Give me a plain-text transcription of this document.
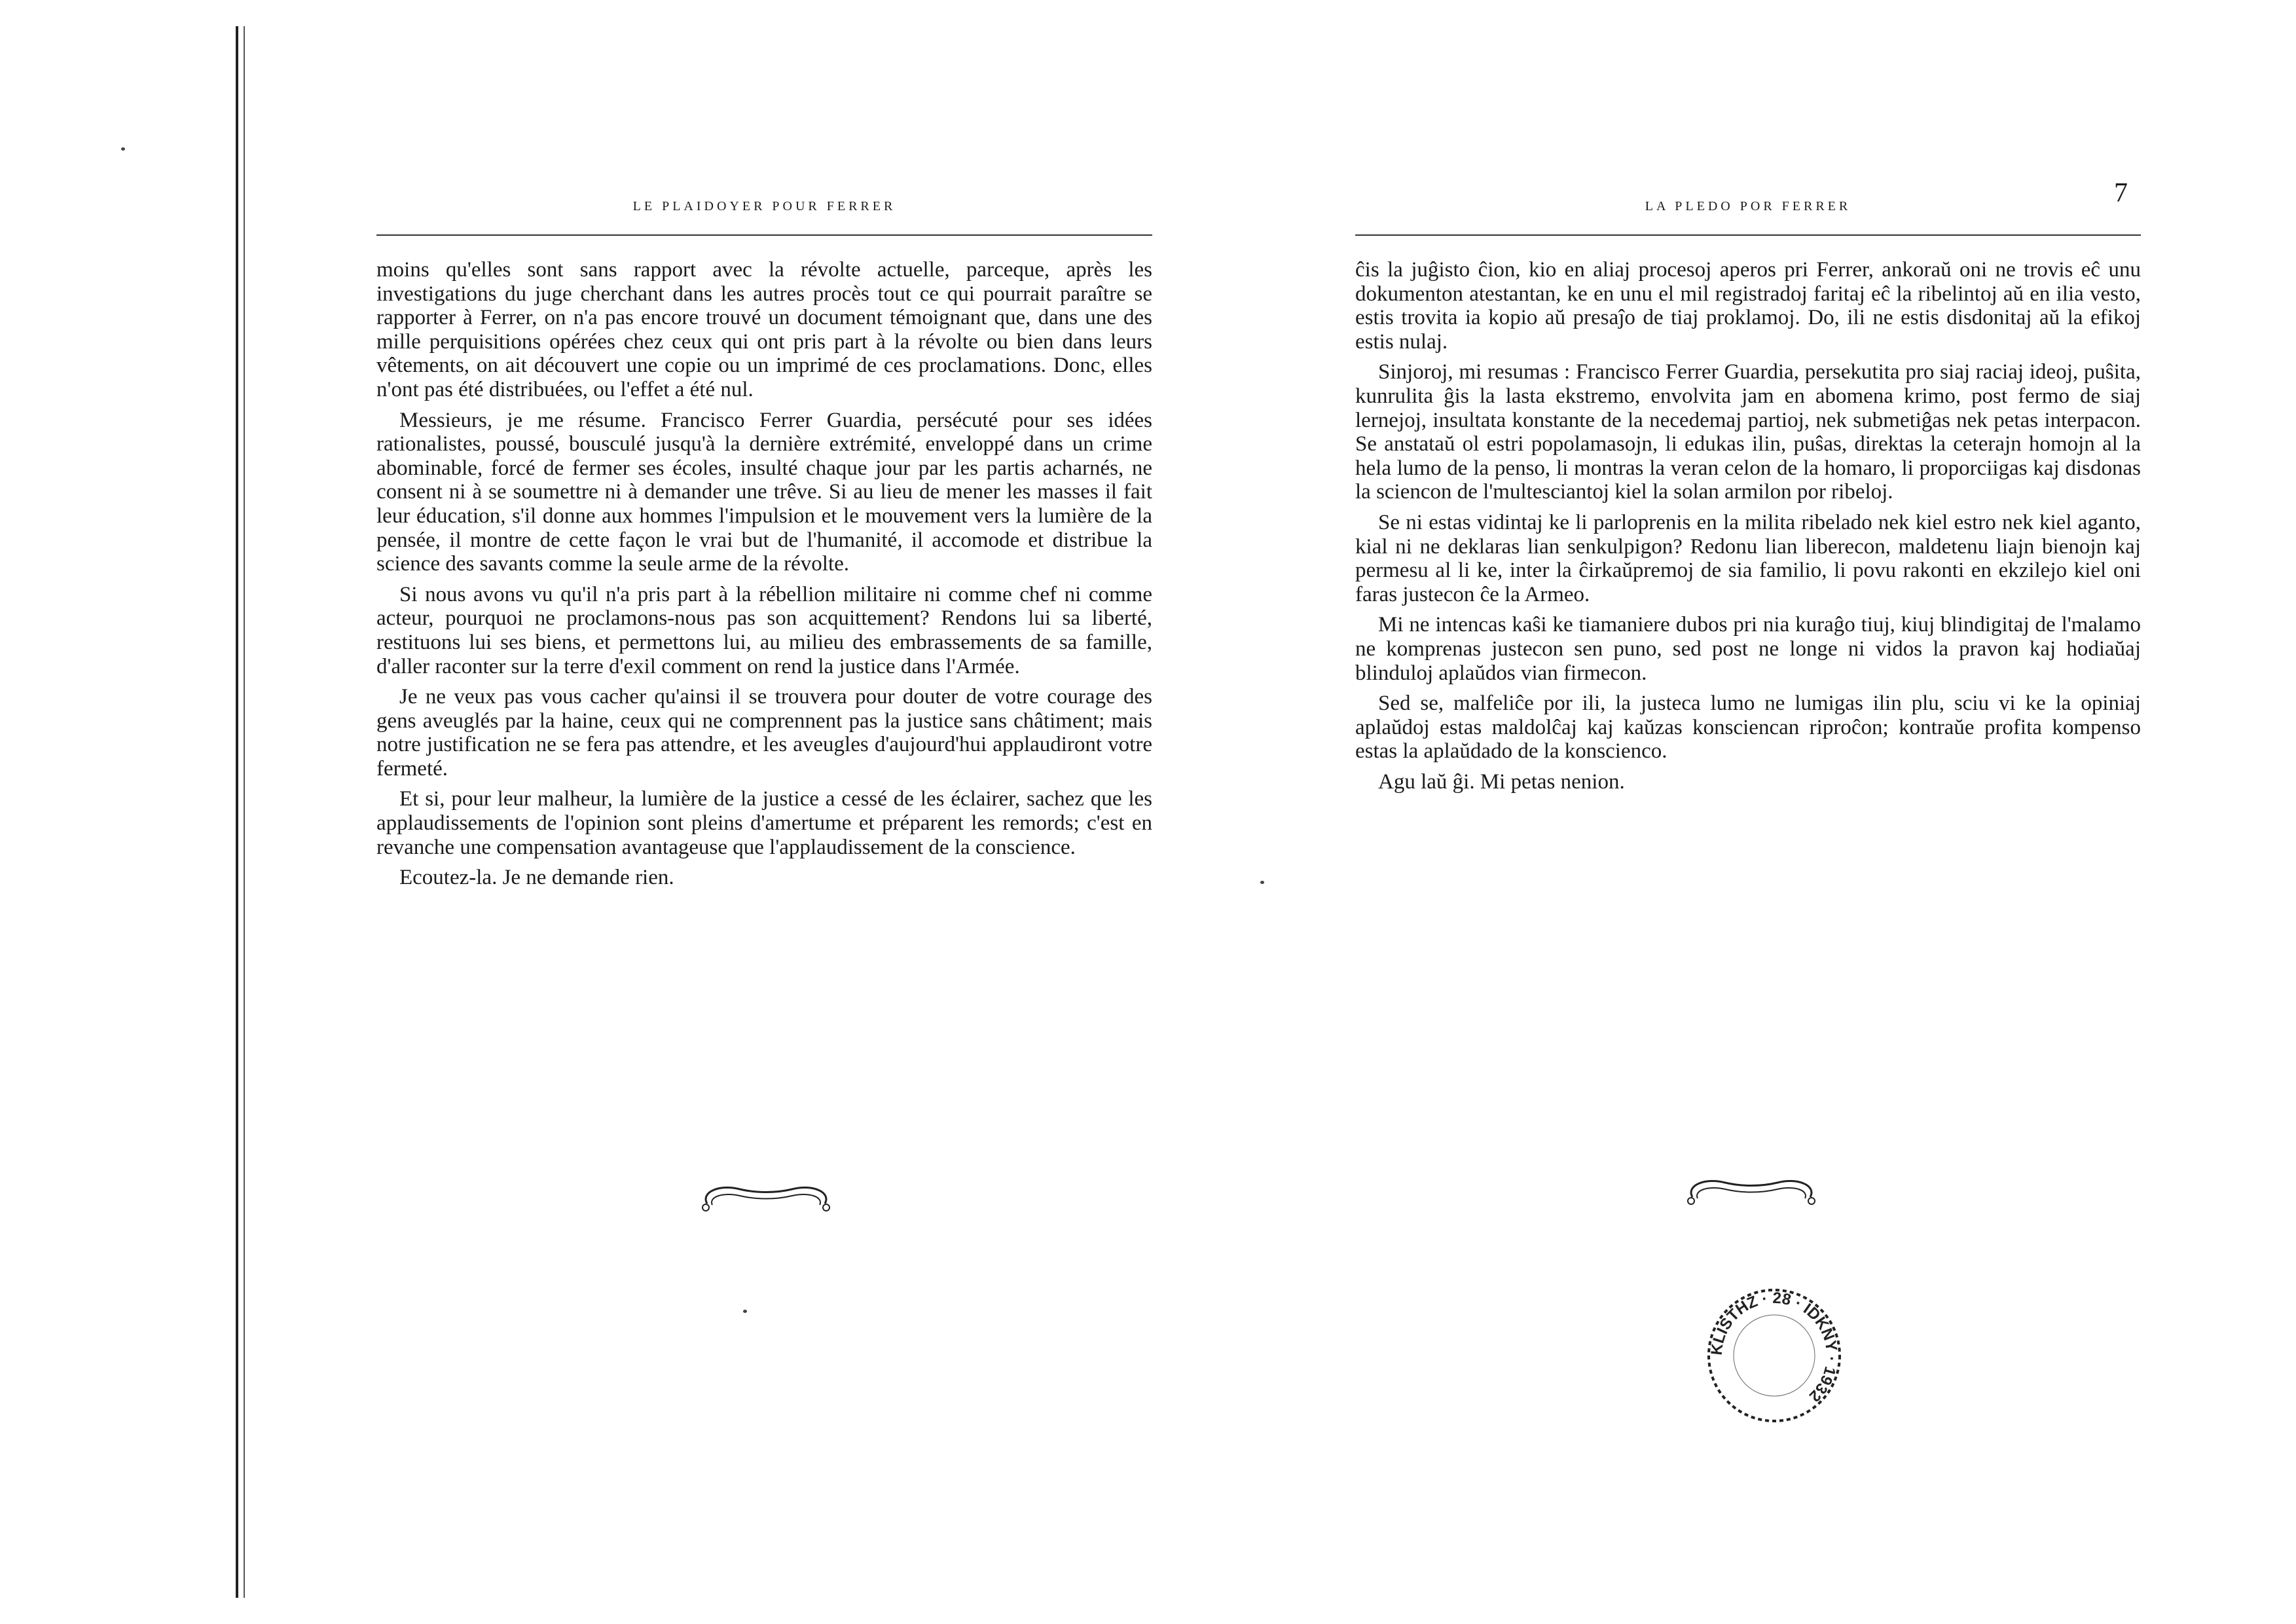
LE PLAIDOYER POUR FERRER

moins qu'elles sont sans rapport avec la révolte actuelle, parceque, après les investigations du juge cherchant dans les autres procès tout ce qui pourrait paraître se rapporter à Ferrer, on n'a pas encore trouvé un document témoignant que, dans une des mille perquisitions opérées chez ceux qui ont pris part à la révolte ou bien dans leurs vêtements, on ait découvert une copie ou un imprimé de ces proclamations. Donc, elles n'ont pas été distribuées, ou l'effet a été nul.

Messieurs, je me résume. Francisco Ferrer Guardia, persécuté pour ses idées rationalistes, poussé, bousculé jusqu'à la dernière extrémité, enveloppé dans un crime abominable, forcé de fermer ses écoles, insulté chaque jour par les partis acharnés, ne consent ni à se soumettre ni à demander une trêve. Si au lieu de mener les masses il fait leur éducation, s'il donne aux hommes l'impulsion et le mouvement vers la lumière de la pensée, il montre de cette façon le vrai but de l'humanité, il accomode et distribue la science des savants comme la seule arme de la révolte.

Si nous avons vu qu'il n'a pris part à la rébellion militaire ni comme chef ni comme acteur, pourquoi ne proclamons-nous pas son acquittement? Rendons lui sa liberté, restituons lui ses biens, et permettons lui, au milieu des embrassements de sa famille, d'aller raconter sur la terre d'exil comment on rend la justice dans l'Armée.

Je ne veux pas vous cacher qu'ainsi il se trouvera pour douter de votre courage des gens aveuglés par la haine, ceux qui ne comprennent pas la justice sans châtiment; mais notre justification ne se fera pas attendre, et les aveugles d'aujourd'hui applaudiront votre fermeté.

Et si, pour leur malheur, la lumière de la justice a cessé de les éclairer, sachez que les applaudissements de l'opinion sont pleins d'amertume et préparent les remords; c'est en revanche une compensation avantageuse que l'applaudissement de la conscience.

Ecoutez-la. Je ne demande rien.

LA PLEDO POR FERRER	7

ĉis la juĝisto ĉion, kio en aliaj procesoj aperos pri Ferrer, ankoraŭ oni ne trovis eĉ unu dokumenton atestantan, ke en unu el mil registradoj faritaj eĉ la ribelintoj aŭ en ilia vesto, estis trovita ia kopio aŭ presaĵo de tiaj proklamoj. Do, ili ne estis disdonitaj aŭ la efikoj estis nulaj.

Sinjoroj, mi resumas : Francisco Ferrer Guardia, persekutita pro siaj raciaj ideoj, puŝita, kunrulita ĝis la lasta ekstremo, envolvita jam en abomena krimo, post fermo de siaj lernejoj, insultata konstante de la necedemaj partioj, nek submetiĝas nek petas interpacon. Se anstataŭ ol estri popolamasojn, li edukas ilin, puŝas, direktas la ceterajn homojn al la hela lumo de la penso, li montras la veran celon de la homaro, li proporciigas kaj disdonas la sciencon de l'multesciantoj kiel la solan armilon por ribeloj.

Se ni estas vidintaj ke li parloprenis en la milita ribelado nek kiel estro nek kiel aganto, kial ni ne deklaras lian senkulpigon? Redonu lian liberecon, maldetenu liajn bienojn kaj permesu al li ke, inter la ĉirkaŭpremoj de sia familio, li povu rakonti en ekzilejo kiel oni faras justecon ĉe la Armeo.

Mi ne intencas kaŝi ke tiamaniere dubos pri nia kuraĝo tiuj, kiuj blindigitaj de l'malamo ne komprenas justecon sen puno, sed post ne longe ni vidos la pravon kaj hodiaŭaj blinduloj aplaŭdos vian firmecon.

Sed se, malfeliĉe por ili, la justeca lumo ne lumigas ilin plu, sciu vi ke la opiniaj aplaŭdoj estas maldolĉaj kaj kaŭzas konsciencan riproĉon; kontraŭe profita kompenso estas la aplaŭdado de la konscienco.

Agu laŭ ĝi. Mi petas nenion.

KLISTHZ · 28 · IDKNY · 1932
